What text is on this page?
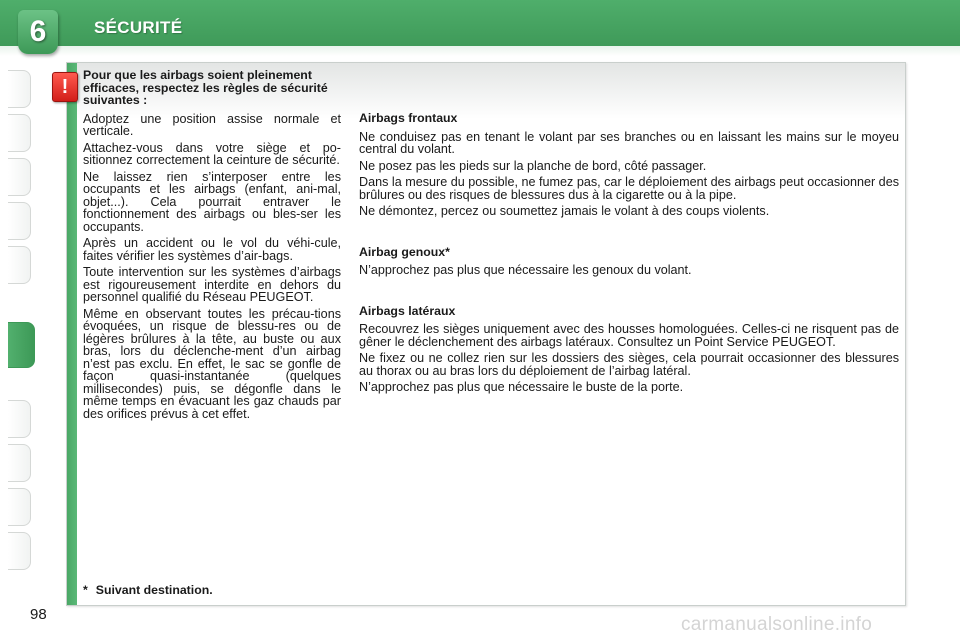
6	SÉCURITÉ
!
Pour que les airbags soient pleinement efficaces, respectez les règles de sécurité suivantes :

Adoptez une position assise normale et verticale.

Attachez-vous dans votre siège et po-sitionnez correctement la ceinture de sécurité.

Ne laissez rien s’interposer entre les occupants et les airbags (enfant, ani-mal, objet...). Cela pourrait entraver le fonctionnement des airbags ou bles-ser les occupants.

Après un accident ou le vol du véhi-cule, faites vérifier les systèmes d’air-bags.

Toute intervention sur les systèmes d’airbags est rigoureusement interdite en dehors du personnel qualifié du Réseau PEUGEOT.

Même en observant toutes les précau-tions évoquées, un risque de blessu-res ou de légères brûlures à la tête, au buste ou aux bras, lors du déclenche-ment d’un airbag n’est pas exclu. En effet, le sac se gonfle de façon quasi-instantanée (quelques millisecondes) puis, se dégonfle dans le même temps en évacuant les gaz chauds par des orifices prévus à cet effet.

Airbags frontaux

Ne conduisez pas en tenant le volant par ses branches ou en laissant les mains sur le moyeu central du volant.

Ne posez pas les pieds sur la planche de bord, côté passager.

Dans la mesure du possible, ne fumez pas, car le déploiement des airbags peut occasionner des brûlures ou des risques de blessures dus à la cigarette ou à la pipe.

Ne démontez, percez ou soumettez jamais le volant à des coups violents.

Airbag genoux*

N’approchez pas plus que nécessaire les genoux du volant.

Airbags latéraux

Recouvrez les sièges uniquement avec des housses homologuées. Celles-ci ne risquent pas de gêner le déclenchement des airbags latéraux. Consultez un Point Service PEUGEOT.

Ne fixez ou ne collez rien sur les dossiers des sièges, cela pourrait occasionner des blessures au thorax ou au bras lors du déploiement de l’airbag latéral.

N’approchez pas plus que nécessaire le buste de la porte.

* Suivant destination.
98	carmanualsonline.info
